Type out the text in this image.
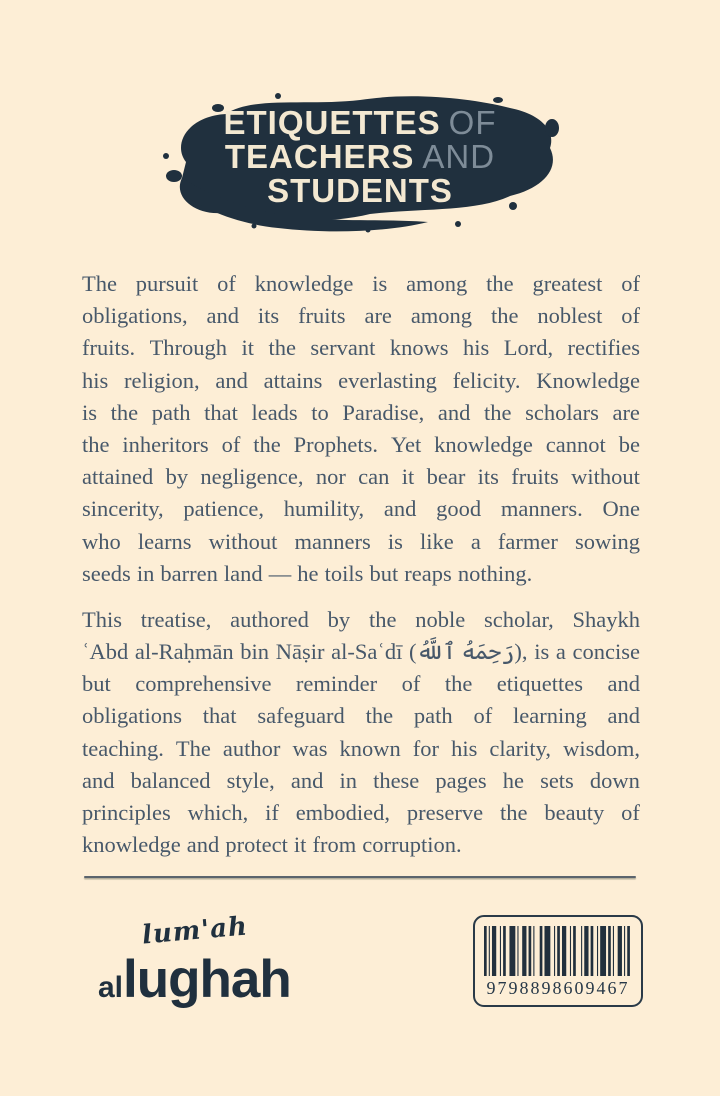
ETIQUETTES OF
TEACHERS AND
STUDENTS
The pursuit of knowledge is among the greatest of
obligations, and its fruits are among the noblest of
fruits. Through it the servant knows his Lord, rectifies
his religion, and attains everlasting felicity. Knowledge
is the path that leads to Paradise, and the scholars are
the inheritors of the Prophets. Yet knowledge cannot be
attained by negligence, nor can it bear its fruits without
sincerity, patience, humility, and good manners. One
who learns without manners is like a farmer sowing
seeds in barren land — he toils but reaps nothing.
This treatise, authored by the noble scholar, Shaykh
ʿAbd al-Raḥmān bin Nāṣir al-Saʿdī (رَحِمَهُ ٱللَّهُ), is a concise
but comprehensive reminder of the etiquettes and
obligations that safeguard the path of learning and
teaching. The author was known for his clarity, wisdom,
and balanced style, and in these pages he sets down
principles which, if embodied, preserve the beauty of
knowledge and protect it from corruption.
lum'ah
allughah	9798898609467
